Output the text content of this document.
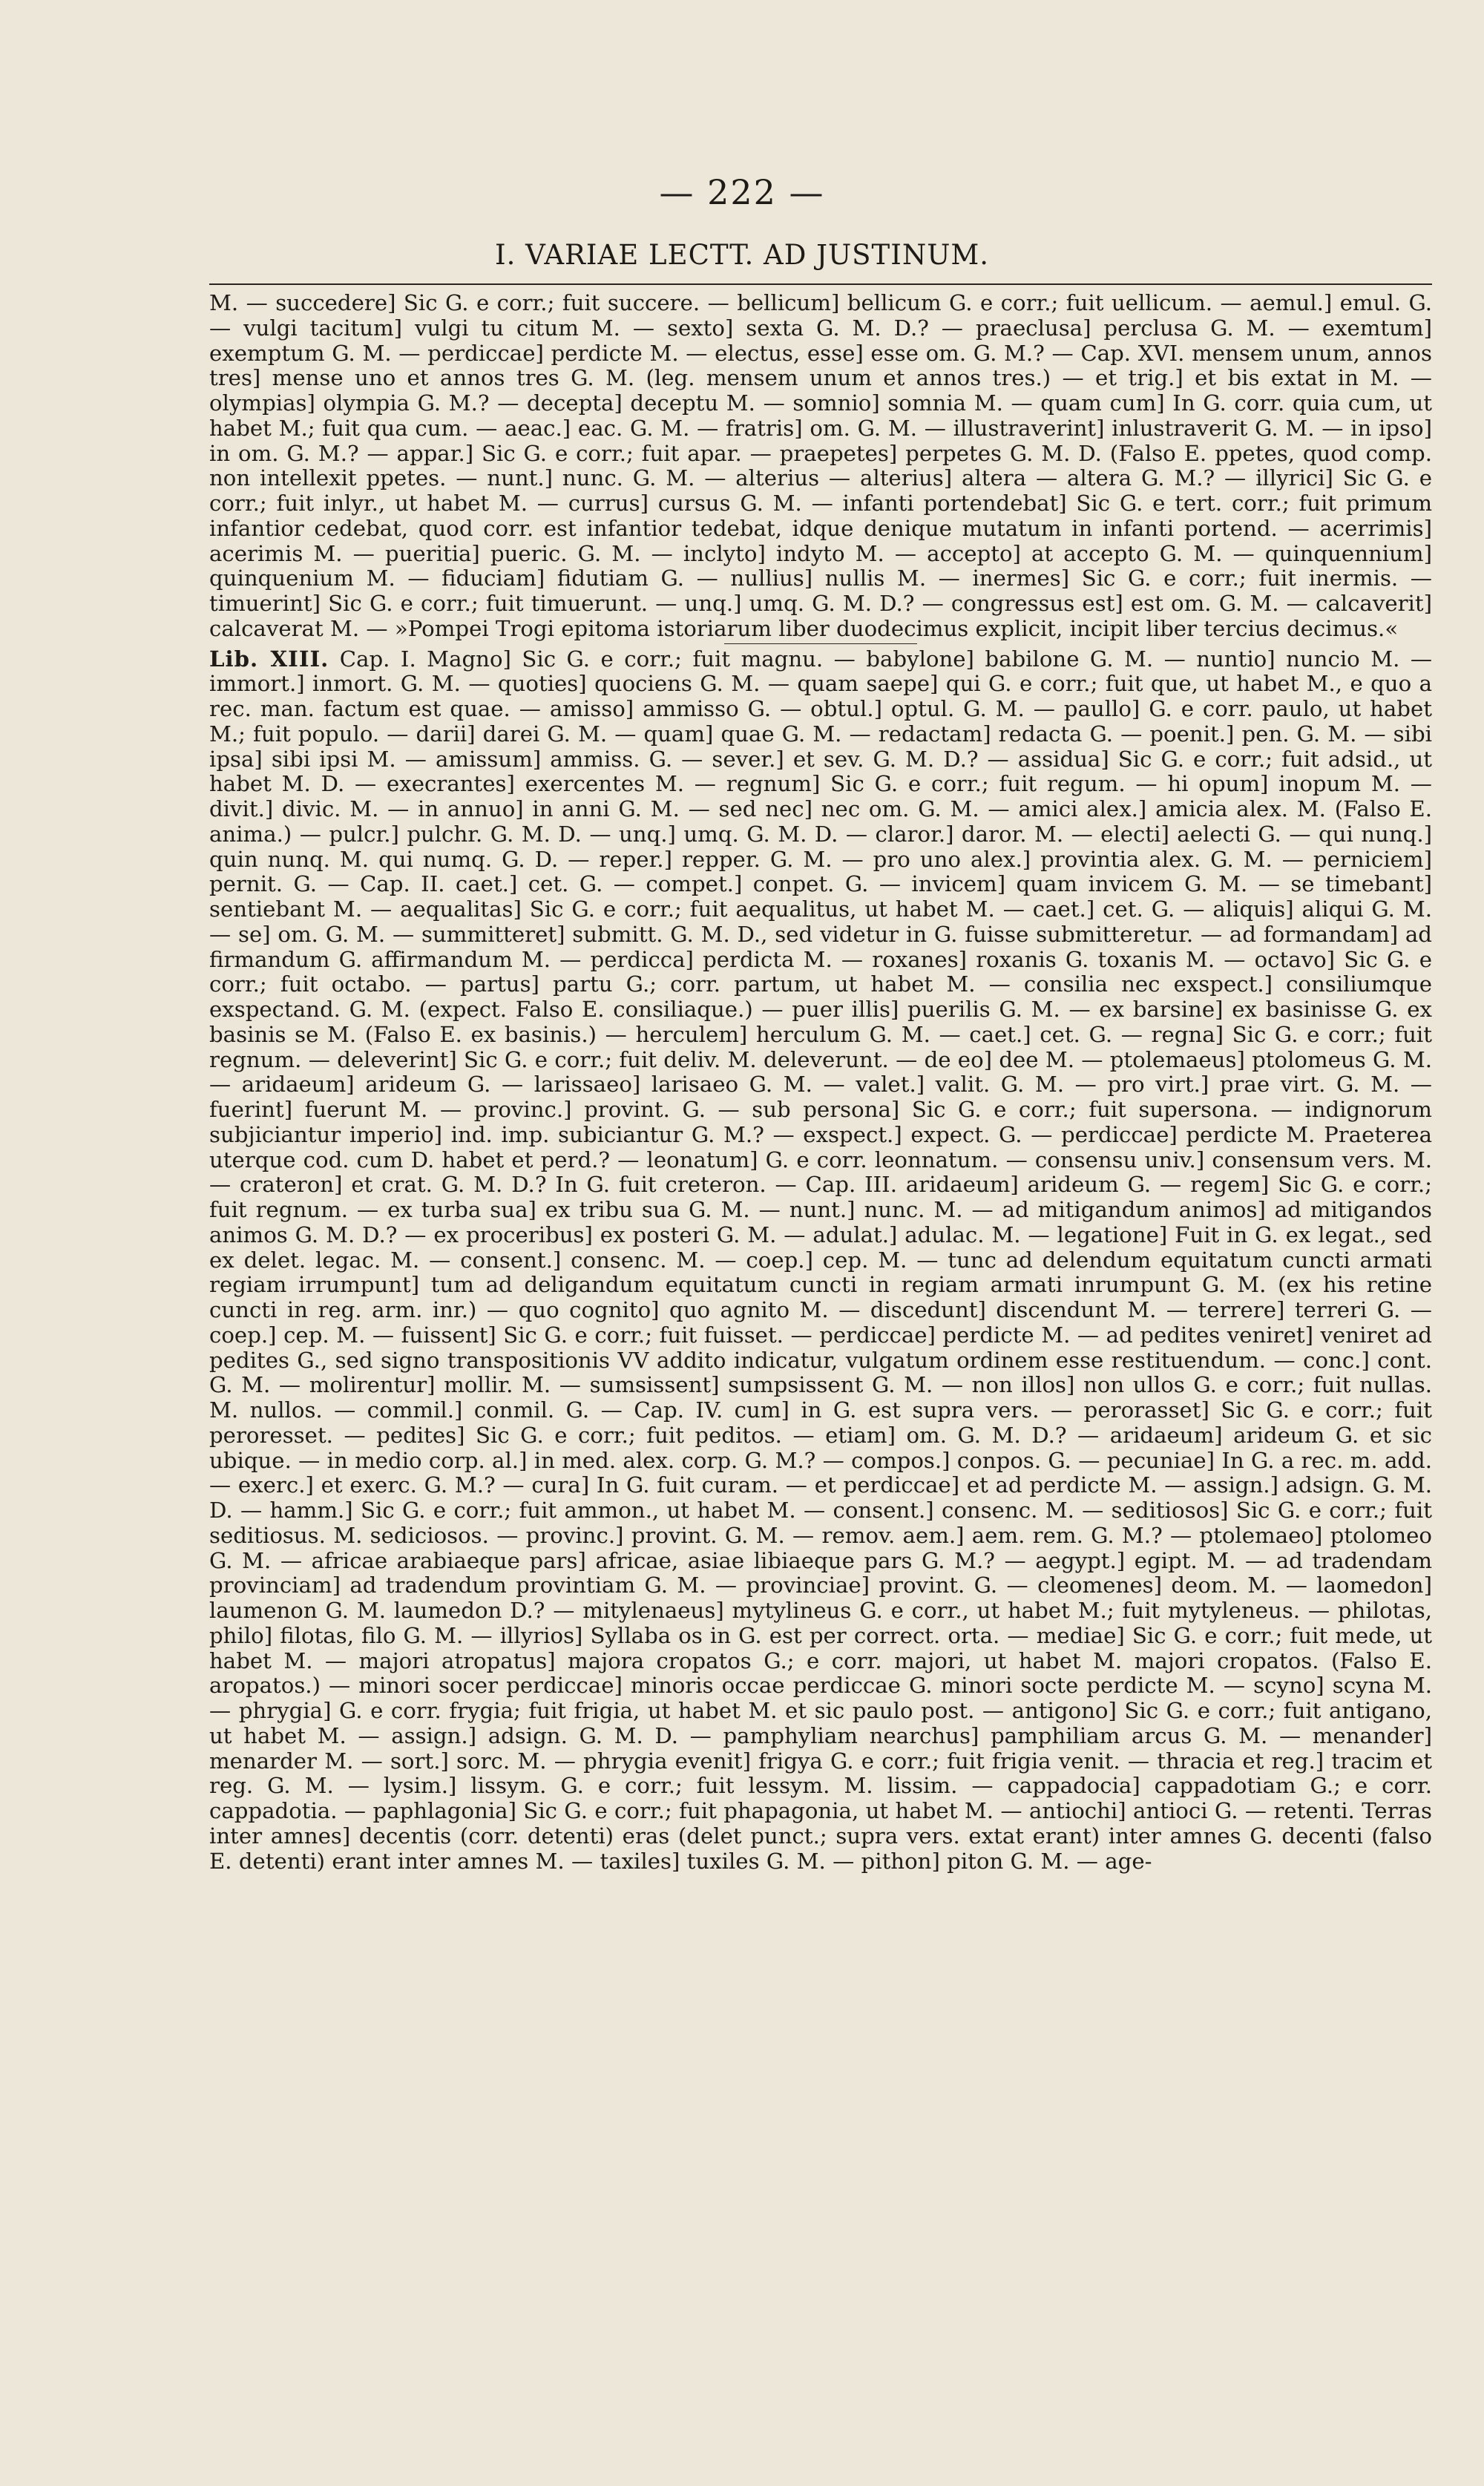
— 222 —
I. VARIAE LECTT. AD JUSTINUM.

M. — succedere] Sic G. e corr.; fuit succere. — bellicum] bellicum G. e corr.; fuit uellicum. — aemul.] emul. G. — vulgi tacitum] vulgi tu citum M. — sexto] sexta G. M. D.? — praeclusa] perclusa G. M. — exemtum] exemptum G. M. — perdiccae] perdicte M. — electus, esse] esse om. G. M.? — Cap. XVI. mensem unum, annos tres] mense uno et annos tres G. M. (leg. mensem unum et annos tres.) — et trig.] et bis extat in M. — olympias] olympia G. M.? — decepta] deceptu M. — somnio] somnia M. — quam cum] In G. corr. quia cum, ut habet M.; fuit qua cum. — aeac.] eac. G. M. — fratris] om. G. M. — illustraverint] inlustraverit G. M. — in ipso] in om. G. M.? — appar.] Sic G. e corr.; fuit apar. — praepetes] perpetes G. M. D. (Falso E. ppetes, quod comp. non intellexit ppetes. — nunt.] nunc. G. M. — alterius — alterius] altera — altera G. M.? — illyrici] Sic G. e corr.; fuit inlyr., ut habet M. — currus] cursus G. M. — infanti portendebat] Sic G. e tert. corr.; fuit primum infantior cedebat, quod corr. est infantior tedebat, idque denique mutatum in infanti portend. — acerrimis] acerimis M. — pueritia] pueric. G. M. — inclyto] indyto M. — accepto] at accepto G. M. — quinquennium] quinquenium M. — fiduciam] fidutiam G. — nullius] nullis M. — inermes] Sic G. e corr.; fuit inermis. — timuerint] Sic G. e corr.; fuit timuerunt. — unq.] umq. G. M. D.? — congressus est] est om. G. M. — calcaverit] calcaverat M. — »Pompei Trogi epitoma istoriarum liber duodecimus explicit, incipit liber tercius decimus.«

Lib. XIII. Cap. I. Magno] Sic G. e corr.; fuit magnu. — babylone] babilone G. M. — nuntio] nuncio M. — immort.] inmort. G. M. — quoties] quociens G. M. — quam saepe] qui G. e corr.; fuit que, ut habet M., e quo a rec. man. factum est quae. — amisso] ammisso G. — obtul.] optul. G. M. — paullo] G. e corr. paulo, ut habet M.; fuit populo. — darii] darei G. M. — quam] quae G. M. — redactam] redacta G. — poenit.] pen. G. M. — sibi ipsa] sibi ipsi M. — amissum] ammiss. G. — sever.] et sev. G. M. D.? — assidua] Sic G. e corr.; fuit adsid., ut habet M. D. — execrantes] exercentes M. — regnum] Sic G. e corr.; fuit regum. — hi opum] inopum M. — divit.] divic. M. — in annuo] in anni G. M. — sed nec] nec om. G. M. — amici alex.] amicia alex. M. (Falso E. anima.) — pulcr.] pulchr. G. M. D. — unq.] umq. G. M. D. — claror.] daror. M. — electi] aelecti G. — qui nunq.] quin nunq. M. qui numq. G. D. — reper.] repper. G. M. — pro uno alex.] provintia alex. G. M. — perniciem] pernit. G. — Cap. II. caet.] cet. G. — compet.] conpet. G. — invicem] quam invicem G. M. — se timebant] sentiebant M. — aequalitas] Sic G. e corr.; fuit aequalitus, ut habet M. — caet.] cet. G. — aliquis] aliqui G. M. — se] om. G. M. — summitteret] submitt. G. M. D., sed videtur in G. fuisse submitteretur. — ad formandam] ad firmandum G. affirmandum M. — perdicca] perdicta M. — roxanes] roxanis G. toxanis M. — octavo] Sic G. e corr.; fuit octabo. — partus] partu G.; corr. partum, ut habet M. — consilia nec exspect.] consiliumque exspectand. G. M. (expect. Falso E. consiliaque.) — puer illis] puerilis G. M. — ex barsine] ex basinisse G. ex basinis se M. (Falso E. ex basinis.) — herculem] herculum G. M. — caet.] cet. G. — regna] Sic G. e corr.; fuit regnum. — deleverint] Sic G. e corr.; fuit deliv. M. deleverunt. — de eo] dee M. — ptolemaeus] ptolomeus G. M. — aridaeum] arideum G. — larissaeo] larisaeo G. M. — valet.] valit. G. M. — pro virt.] prae virt. G. M. — fuerint] fuerunt M. — provinc.] provint. G. — sub persona] Sic G. e corr.; fuit supersona. — indignorum subjiciantur imperio] ind. imp. subiciantur G. M.? — exspect.] expect. G. — perdiccae] perdicte M. Praeterea uterque cod. cum D. habet et perd.? — leonatum] G. e corr. leonnatum. — consensu univ.] consensum vers. M. — crateron] et crat. G. M. D.? In G. fuit creteron. — Cap. III. aridaeum] arideum G. — regem] Sic G. e corr.; fuit regnum. — ex turba sua] ex tribu sua G. M. — nunt.] nunc. M. — ad mitigandum animos] ad mitigandos animos G. M. D.? — ex proceribus] ex posteri G. M. — adulat.] adulac. M. — legatione] Fuit in G. ex legat., sed ex delet. legac. M. — consent.] consenc. M. — coep.] cep. M. — tunc ad delendum equitatum cuncti armati regiam irrumpunt] tum ad deligandum equitatum cuncti in regiam armati inrumpunt G. M. (ex his retine cuncti in reg. arm. inr.) — quo cognito] quo agnito M. — discedunt] discendunt M. — terrere] terreri G. — coep.] cep. M. — fuissent] Sic G. e corr.; fuit fuisset. — perdiccae] perdicte M. — ad pedites veniret] veniret ad pedites G., sed signo transpositionis VV addito indicatur, vulgatum ordinem esse restituendum. — conc.] cont. G. M. — molirentur] mollir. M. — sumsissent] sumpsissent G. M. — non illos] non ullos G. e corr.; fuit nullas. M. nullos. — commil.] conmil. G. — Cap. IV. cum] in G. est supra vers. — perorasset] Sic G. e corr.; fuit peroresset. — pedites] Sic G. e corr.; fuit peditos. — etiam] om. G. M. D.? — aridaeum] arideum G. et sic ubique. — in medio corp. al.] in med. alex. corp. G. M.? — compos.] conpos. G. — pecuniae] In G. a rec. m. add. — exerc.] et exerc. G. M.? — cura] In G. fuit curam. — et perdiccae] et ad perdicte M. — assign.] adsign. G. M. D. — hamm.] Sic G. e corr.; fuit ammon., ut habet M. — consent.] consenc. M. — seditiosos] Sic G. e corr.; fuit seditiosus. M. sediciosos. — provinc.] provint. G. M. — remov. aem.] aem. rem. G. M.? — ptolemaeo] ptolomeo G. M. — africae arabiaeque pars] africae, asiae libiaeque pars G. M.? — aegypt.] egipt. M. — ad tradendam provinciam] ad tradendum provintiam G. M. — provinciae] provint. G. — cleomenes] deom. M. — laomedon] laumenon G. M. laumedon D.? — mitylenaeus] mytylineus G. e corr., ut habet M.; fuit mytyleneus. — philotas, philo] filotas, filo G. M. — illyrios] Syllaba os in G. est per correct. orta. — mediae] Sic G. e corr.; fuit mede, ut habet M. — majori atropatus] majora cropatos G.; e corr. majori, ut habet M. majori cropatos. (Falso E. aropatos.) — minori socer perdiccae] minoris occae perdiccae G. minori socte perdicte M. — scyno] scyna M. — phrygia] G. e corr. frygia; fuit frigia, ut habet M. et sic paulo post. — antigono] Sic G. e corr.; fuit antigano, ut habet M. — assign.] adsign. G. M. D. — pamphyliam nearchus] pamphiliam arcus G. M. — menander] menarder M. — sort.] sorc. M. — phrygia evenit] frigya G. e corr.; fuit frigia venit. — thracia et reg.] tracim et reg. G. M. — lysim.] lissym. G. e corr.; fuit lessym. M. lissim. — cappadocia] cappadotiam G.; e corr. cappadotia. — paphlagonia] Sic G. e corr.; fuit phapagonia, ut habet M. — antiochi] antioci G. — retenti. Terras inter amnes] decentis (corr. detenti) eras (delet punct.; supra vers. extat erant) inter amnes G. decenti (falso E. detenti) erant inter amnes M. — taxiles] tuxiles G. M. — pithon] piton G. M. — age-
